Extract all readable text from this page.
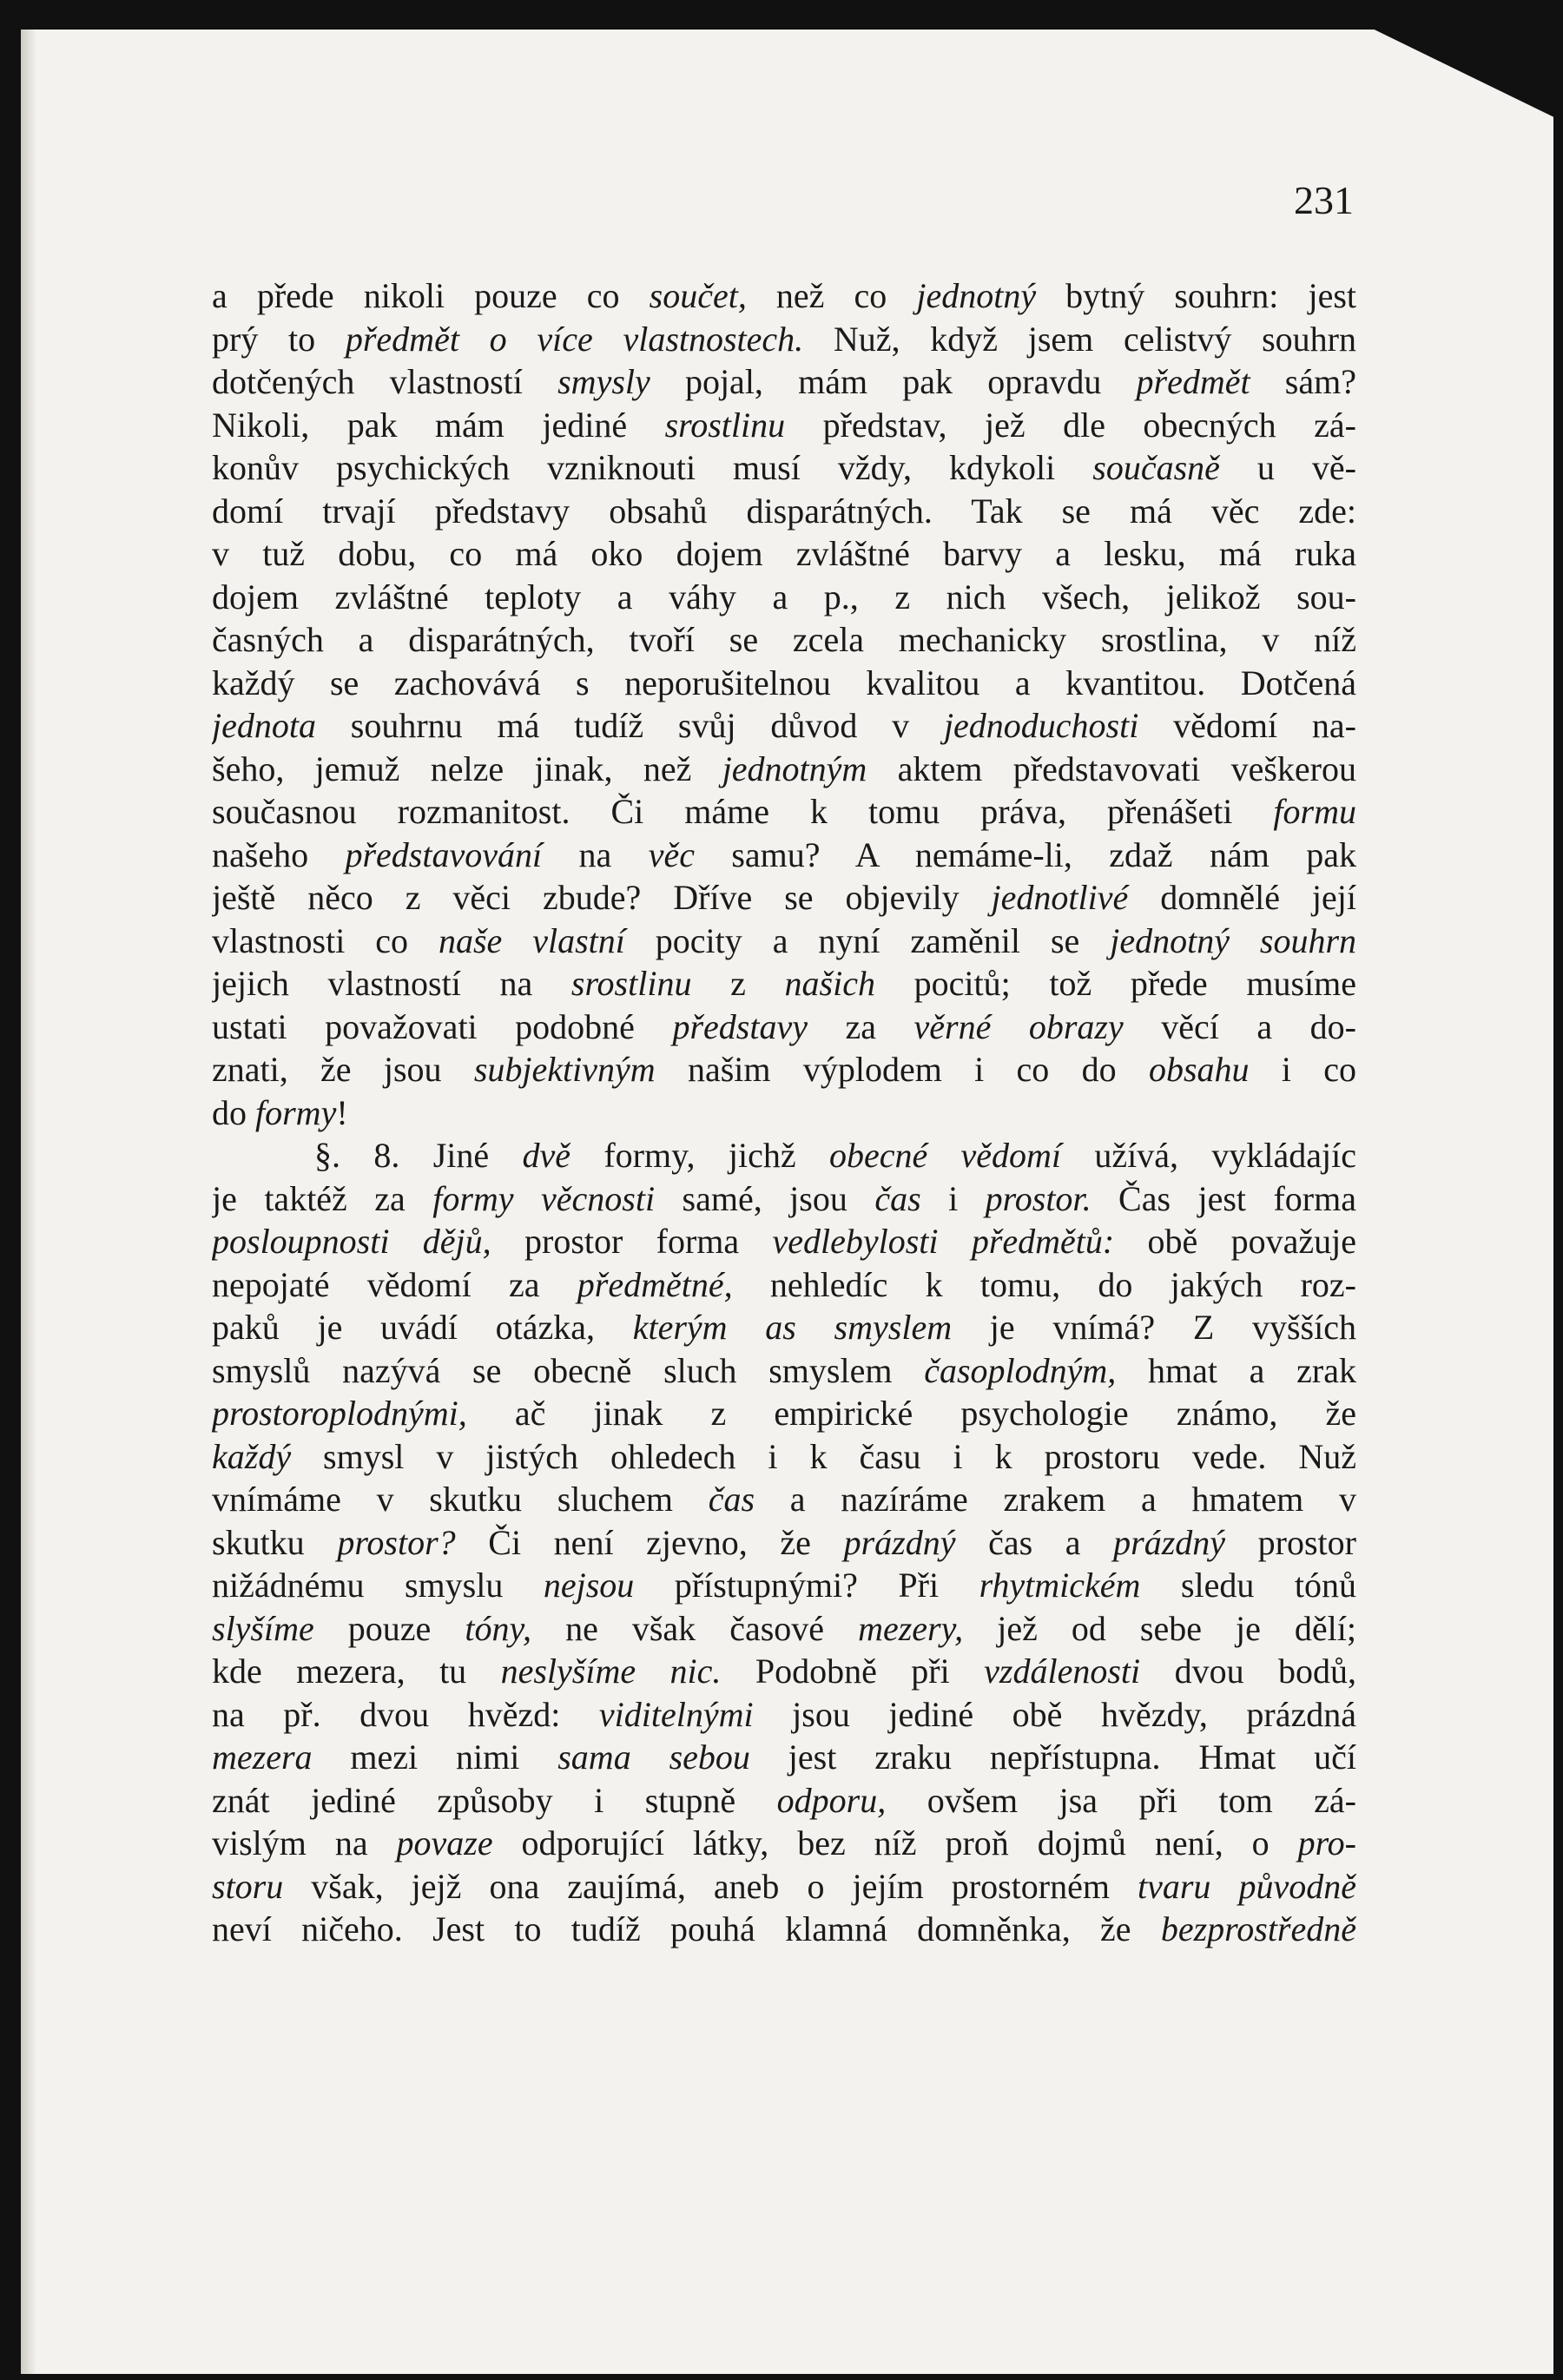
231
a přede nikoli pouze co součet, než co jednotný bytný souhrn: jest
prý to předmět o více vlastnostech. Nuž, když jsem celistvý souhrn
dotčených vlastností smysly pojal, mám pak opravdu předmět sám?
Nikoli, pak mám jediné srostlinu představ, jež dle obecných zá-
konův psychických vzniknouti musí vždy, kdykoli současně u vě-
domí trvají představy obsahů disparátných. Tak se má věc zde:
v tuž dobu, co má oko dojem zvláštné barvy a lesku, má ruka
dojem zvláštné teploty a váhy a p., z nich všech, jelikož sou-
časných a disparátných, tvoří se zcela mechanicky srostlina, v níž
každý se zachovává s neporušitelnou kvalitou a kvantitou. Dotčená
jednota souhrnu má tudíž svůj důvod v jednoduchosti vědomí na-
šeho, jemuž nelze jinak, než jednotným aktem představovati veškerou
současnou rozmanitost. Či máme k tomu práva, přenášeti formu
našeho představování na věc samu? A nemáme-li, zdaž nám pak
ještě něco z věci zbude? Dříve se objevily jednotlivé domnělé její
vlastnosti co naše vlastní pocity a nyní zaměnil se jednotný souhrn
jejich vlastností na srostlinu z našich pocitů; tož přede musíme
ustati považovati podobné představy za věrné obrazy věcí a do-
znati, že jsou subjektivným našim výplodem i co do obsahu i co
do formy!
§. 8. Jiné dvě formy, jichž obecné vědomí užívá, vykládajíc
je taktéž za formy věcnosti samé, jsou čas i prostor. Čas jest forma
posloupnosti dějů, prostor forma vedlebylosti předmětů: obě považuje
nepojaté vědomí za předmětné, nehledíc k tomu, do jakých roz-
paků je uvádí otázka, kterým as smyslem je vnímá? Z vyšších
smyslů nazývá se obecně sluch smyslem časoplodným, hmat a zrak
prostoroplodnými, ač jinak z empirické psychologie známo, že
každý smysl v jistých ohledech i k času i k prostoru vede. Nuž
vnímáme v skutku sluchem čas a nazíráme zrakem a hmatem v
skutku prostor? Či není zjevno, že prázdný čas a prázdný prostor
nižádnému smyslu nejsou přístupnými? Při rhytmickém sledu tónů
slyšíme pouze tóny, ne však časové mezery, jež od sebe je dělí;
kde mezera, tu neslyšíme nic. Podobně při vzdálenosti dvou bodů,
na př. dvou hvězd: viditelnými jsou jediné obě hvězdy, prázdná
mezera mezi nimi sama sebou jest zraku nepřístupna. Hmat učí
znát jediné způsoby i stupně odporu, ovšem jsa při tom zá-
vislým na povaze odporující látky, bez níž proň dojmů není, o pro-
storu však, jejž ona zaujímá, aneb o jejím prostorném tvaru původně
neví ničeho. Jest to tudíž pouhá klamná domněnka, že bezprostředně
